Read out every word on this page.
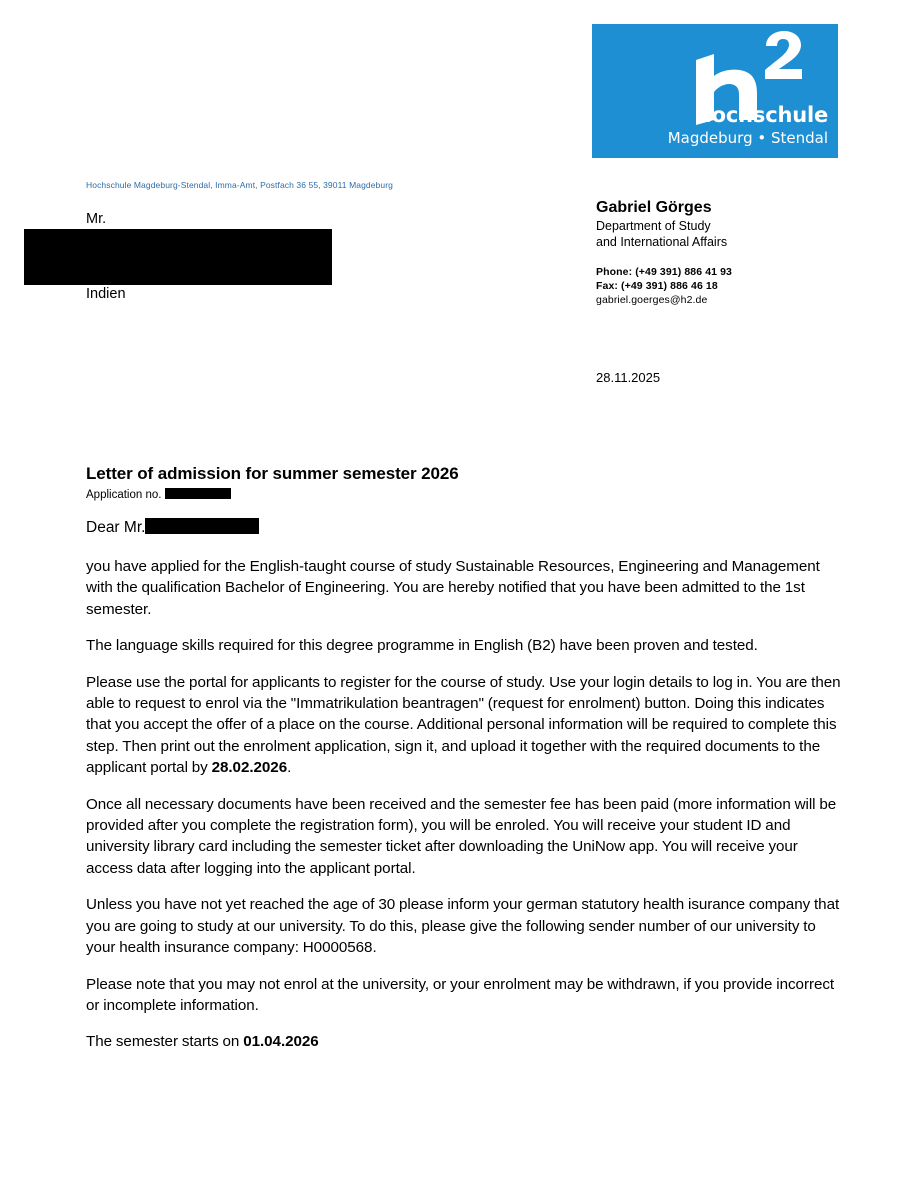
Hochschule
Magdeburg • Stendal
Hochschule Magdeburg-Stendal, Imma-Amt, Postfach 36 55, 39011 Magdeburg
Mr.
Indien

Gabriel Görges

Department of Study

and International Affairs

Phone: (+49 391) 886 41 93

Fax: (+49 391) 886 46 18

gabriel.goerges@h2.de

28.11.2025
Letter of admission for summer semester 2026
Application no.
Dear Mr.

you have applied for the English-taught course of study Sustainable Resources, Engineering and Management with the qualification Bachelor of Engineering. You are hereby notified that you have been admitted to the 1st semester.

The language skills required for this degree programme in English (B2) have been proven and tested.

Please use the portal for applicants to register for the course of study. Use your login details to log in. You are then able to request to enrol via the "Immatrikulation beantragen" (request for enrolment) button. Doing this indicates that you accept the offer of a place on the course. Additional personal information will be required to complete this step. Then print out the enrolment application, sign it, and upload it together with the required documents to the applicant portal by 28.02.2026.

Once all necessary documents have been received and the semester fee has been paid (more information will be provided after you complete the registration form), you will be enroled. You will receive your student ID and university library card including the semester ticket after downloading the UniNow app. You will receive your access data after logging into the applicant portal.

Unless you have not yet reached the age of 30 please inform your german statutory health isurance company that you are going to study at our university. To do this, please give the following sender number of our university to your health insurance company: H0000568.

Please note that you may not enrol at the university, or your enrolment may be withdrawn, if you provide incorrect or incomplete information.

The semester starts on 01.04.2026
